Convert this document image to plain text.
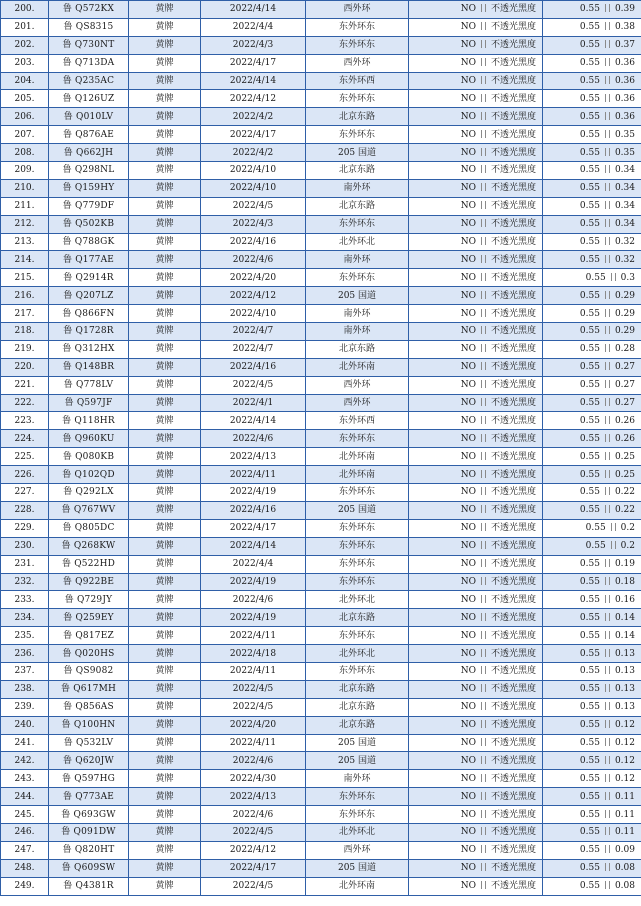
200.	鲁 Q572KX	黄牌	2022/4/14	西外环	NO 不透光黑度	0.55 0.39
201.	鲁 QS8315	黄牌	2022/4/4	东外环东	NO 不透光黑度	0.55 0.38
202.	鲁 Q730NT	黄牌	2022/4/3	东外环东	NO 不透光黑度	0.55 0.37
203.	鲁 Q713DA	黄牌	2022/4/17	西外环	NO 不透光黑度	0.55 0.36
204.	鲁 Q235AC	黄牌	2022/4/14	东外环西	NO 不透光黑度	0.55 0.36
205.	鲁 Q126UZ	黄牌	2022/4/12	东外环东	NO 不透光黑度	0.55 0.36
206.	鲁 Q010LV	黄牌	2022/4/2	北京东路	NO 不透光黑度	0.55 0.36
207.	鲁 Q876AE	黄牌	2022/4/17	东外环东	NO 不透光黑度	0.55 0.35
208.	鲁 Q662JH	黄牌	2022/4/2	205 国道	NO 不透光黑度	0.55 0.35
209.	鲁 Q298NL	黄牌	2022/4/10	北京东路	NO 不透光黑度	0.55 0.34
210.	鲁 Q159HY	黄牌	2022/4/10	南外环	NO 不透光黑度	0.55 0.34
211.	鲁 Q779DF	黄牌	2022/4/5	北京东路	NO 不透光黑度	0.55 0.34
212.	鲁 Q502KB	黄牌	2022/4/3	东外环东	NO 不透光黑度	0.55 0.34
213.	鲁 Q788GK	黄牌	2022/4/16	北外环北	NO 不透光黑度	0.55 0.32
214.	鲁 Q177AE	黄牌	2022/4/6	南外环	NO 不透光黑度	0.55 0.32
215.	鲁 Q2914R	黄牌	2022/4/20	东外环东	NO 不透光黑度	0.55 0.3
216.	鲁 Q207LZ	黄牌	2022/4/12	205 国道	NO 不透光黑度	0.55 0.29
217.	鲁 Q866FN	黄牌	2022/4/10	南外环	NO 不透光黑度	0.55 0.29
218.	鲁 Q1728R	黄牌	2022/4/7	南外环	NO 不透光黑度	0.55 0.29
219.	鲁 Q312HX	黄牌	2022/4/7	北京东路	NO 不透光黑度	0.55 0.28
220.	鲁 Q148BR	黄牌	2022/4/16	北外环南	NO 不透光黑度	0.55 0.27
221.	鲁 Q778LV	黄牌	2022/4/5	西外环	NO 不透光黑度	0.55 0.27
222.	鲁 Q597JF	黄牌	2022/4/1	西外环	NO 不透光黑度	0.55 0.27
223.	鲁 Q118HR	黄牌	2022/4/14	东外环西	NO 不透光黑度	0.55 0.26
224.	鲁 Q960KU	黄牌	2022/4/6	东外环东	NO 不透光黑度	0.55 0.26
225.	鲁 Q080KB	黄牌	2022/4/13	北外环南	NO 不透光黑度	0.55 0.25
226.	鲁 Q102QD	黄牌	2022/4/11	北外环南	NO 不透光黑度	0.55 0.25
227.	鲁 Q292LX	黄牌	2022/4/19	东外环东	NO 不透光黑度	0.55 0.22
228.	鲁 Q767WV	黄牌	2022/4/16	205 国道	NO 不透光黑度	0.55 0.22
229.	鲁 Q805DC	黄牌	2022/4/17	东外环东	NO 不透光黑度	0.55 0.2
230.	鲁 Q268KW	黄牌	2022/4/14	东外环东	NO 不透光黑度	0.55 0.2
231.	鲁 Q522HD	黄牌	2022/4/4	东外环东	NO 不透光黑度	0.55 0.19
232.	鲁 Q922BE	黄牌	2022/4/19	东外环东	NO 不透光黑度	0.55 0.18
233.	鲁 Q729JY	黄牌	2022/4/6	北外环北	NO 不透光黑度	0.55 0.16
234.	鲁 Q259EY	黄牌	2022/4/19	北京东路	NO 不透光黑度	0.55 0.14
235.	鲁 Q817EZ	黄牌	2022/4/11	东外环东	NO 不透光黑度	0.55 0.14
236.	鲁 Q020HS	黄牌	2022/4/18	北外环北	NO 不透光黑度	0.55 0.13
237.	鲁 QS9082	黄牌	2022/4/11	东外环东	NO 不透光黑度	0.55 0.13
238.	鲁 Q617MH	黄牌	2022/4/5	北京东路	NO 不透光黑度	0.55 0.13
239.	鲁 Q856AS	黄牌	2022/4/5	北京东路	NO 不透光黑度	0.55 0.13
240.	鲁 Q100HN	黄牌	2022/4/20	北京东路	NO 不透光黑度	0.55 0.12
241.	鲁 Q532LV	黄牌	2022/4/11	205 国道	NO 不透光黑度	0.55 0.12
242.	鲁 Q620JW	黄牌	2022/4/6	205 国道	NO 不透光黑度	0.55 0.12
243.	鲁 Q597HG	黄牌	2022/4/30	南外环	NO 不透光黑度	0.55 0.12
244.	鲁 Q773AE	黄牌	2022/4/13	东外环东	NO 不透光黑度	0.55 0.11
245.	鲁 Q693GW	黄牌	2022/4/6	东外环东	NO 不透光黑度	0.55 0.11
246.	鲁 Q091DW	黄牌	2022/4/5	北外环北	NO 不透光黑度	0.55 0.11
247.	鲁 Q820HT	黄牌	2022/4/12	西外环	NO 不透光黑度	0.55 0.09
248.	鲁 Q609SW	黄牌	2022/4/17	205 国道	NO 不透光黑度	0.55 0.08
249.	鲁 Q4381R	黄牌	2022/4/5	北外环南	NO 不透光黑度	0.55 0.08
